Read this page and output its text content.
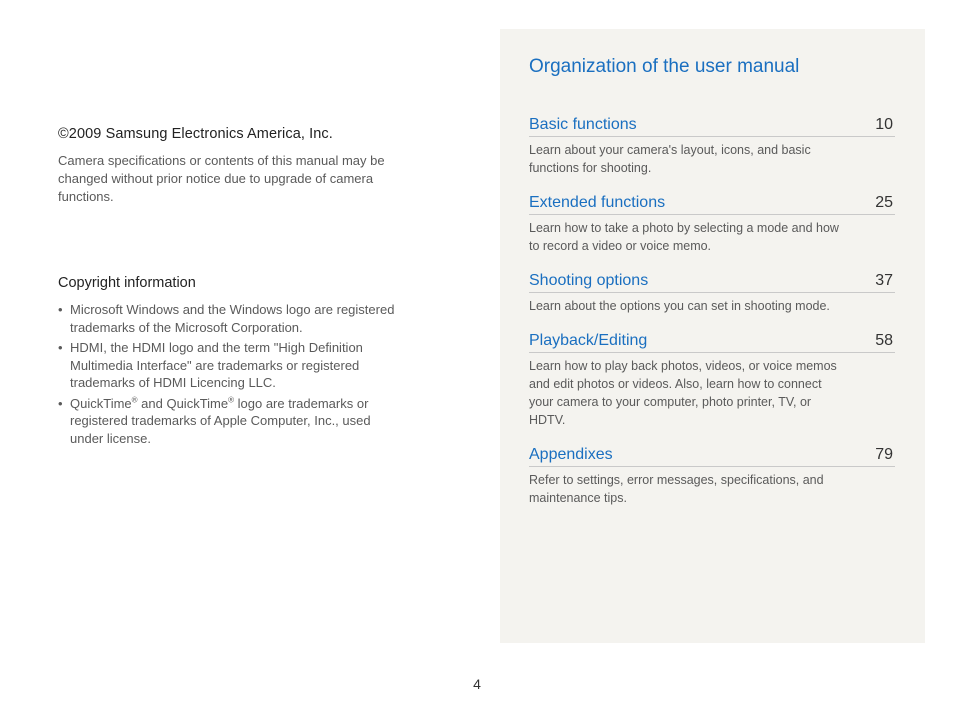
©2009 Samsung Electronics America, Inc.

Camera specifications or contents of this manual may be changed without prior notice due to upgrade of camera functions.

Copyright information

• Microsoft Windows and the Windows logo are registered trademarks of the Microsoft Corporation.
• HDMI, the HDMI logo and the term "High Definition Multimedia Interface" are trademarks or registered trademarks of HDMI Licencing LLC.
• QuickTime® and QuickTime® logo are trademarks or registered trademarks of Apple Computer, Inc., used under license.
Organization of the user manual
Basic functions	10
Learn about your camera's layout, icons, and basic functions for shooting.
Extended functions	25
Learn how to take a photo by selecting a mode and how to record a video or voice memo.
Shooting options	37
Learn about the options you can set in shooting mode.
Playback/Editing	58
Learn how to play back photos, videos, or voice memos and edit photos or videos. Also, learn how to connect your camera to your computer, photo printer, TV, or HDTV.
Appendixes	79
Refer to settings, error messages, specifications, and maintenance tips.
4
